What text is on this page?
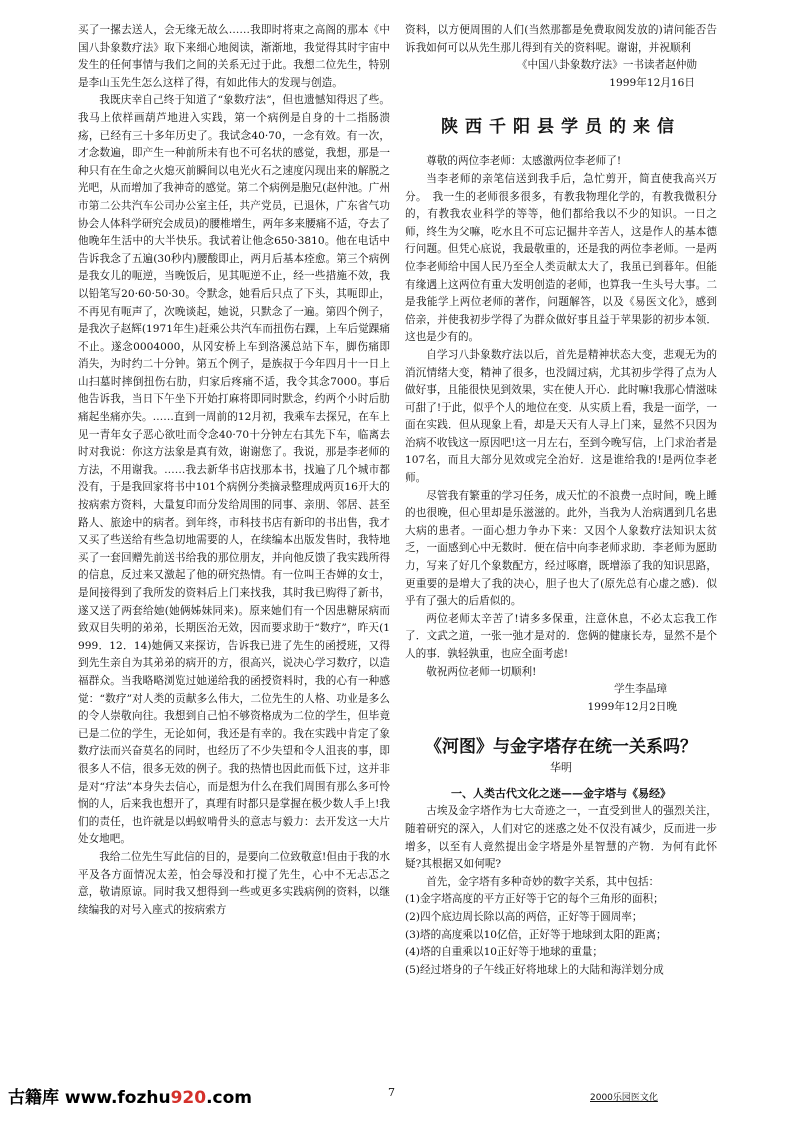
买了一摞去送人，会无缘无故么……我即时将束之高阁的那本《中国八卦象数疗法》取下来细心地阅读，渐渐地，我觉得其时宇宙中发生的任何事情与我们之间的关系无过于此。我想二位先生，特别是李山玉先生怎么这样了得，有如此伟大的发现与创造。

我既庆幸自己终于知道了“象数疗法”，但也遗憾知得迟了些。我马上依样画葫芦地进入实践，第一个病例是自身的十二指肠溃疡，已经有三十多年历史了。我试念40·70，一念有效。有一次，才念数遍，即产生一种前所未有也不可名状的感觉，我想，那是一种只有在生命之火熄灭前瞬间以电光火石之速度闪现出来的解脱之光吧，从而增加了我神奇的感觉。第二个病例是胞兄(赵仲池。广州市第二公共汽车公司办公室主任，共产党员，已退休，广东省气功协会人体科学研究会成员)的腰椎增生，两年多来腰痛不适，夺去了他晚年生活中的大半快乐。我试着让他念650·3810。他在电话中告诉我念了五遍(30秒内)腰酸即止，两月后基本痊愈。第三个病例是我女儿的呃逆，当晚饭后，见其呃逆不止，经一些措施不效，我以铅笔写20·60·50·30。令默念，她看后只点了下头，其呃即止，不再见有呃声了，次晚谈起，她说，只默念了一遍。第四个例子，是我次子赵辉(1971年生)赶乘公共汽车而扭伤右踝，上车后觉踝痛不止。遂念0004000，从冈安桥上车到洛溪总站下车，脚伤痛即消失，为时约二十分钟。第五个例子，是族叔于今年四月十一日上山扫墓时摔倒扭伤右肋，归家后疼痛不适，我令其念7000。事后他告诉我，当日下午坐下开始打麻将即同时默念，约两个小时后肋痛起坐痛亦失。……直到一周前的12月初，我乘车去探兄，在车上见一青年女子恶心欲吐而令念40·70十分钟左右其先下车，临离去时对我说：你这方法象是真有效，谢谢您了。我说，那是李老师的方法，不用谢我。……我去新华书店找那本书，找遍了几个城市都没有，于是我回家将书中101个病例分类摘录整理成两页16开大的按病索方资料，大量复印而分发给周围的同事、亲朋、邻居、甚至路人、旅途中的病者。到年终，市科技书店有新印的书出售，我才又买了些送给有些急切地需要的人，在续编本出版发售时，我特地买了一套回赠先前送书给我的那位朋友，并向他反馈了我实践所得的信息，反过来又激起了他的研究热情。有一位叫王杏婵的女士，是间接得到了我所发的资料后上门来找我，其时我已购得了新书，遂又送了两套给她(她俩姊妹同来)。原来她们有一个因患糖尿病而致双目失明的弟弟，长期医治无效，因而要求助于“数疗”，昨天(1999．12．14)她俩又来探访，告诉我已进了先生的函授班，又得到先生亲自为其弟弟的病开的方，很高兴，说决心学习数疗，以造福群众。当我略略浏览过她递给我的函授资料时，我的心有一种感觉：“数疗”对人类的贡献多么伟大，二位先生的人格、功业是多么的令人崇敬向往。我想到自己怕不够资格成为二位的学生，但毕竟已是二位的学生，无论如何，我还是有幸的。我在实践中肯定了象数疗法而兴奋莫名的同时，也经历了不少失望和令人沮丧的事，即很多人不信，很多无效的例子。我的热情也因此而低下过，这并非是对“疗法”本身失去信心，而是想为什么在我们周围有那么多可怜悯的人，后来我也想开了，真理有时都只是掌握在极少数人手上!我们的责任，也许就是以蚂蚁啃骨头的意志与毅力：去开发这一大片处女地吧。

我给二位先生写此信的目的，是要向二位致敬意!但由于我的水平及各方面情况太差，怕会辱没和打搅了先生，心中不无忐忑之意，敬请原谅。同时我又想得到一些或更多实践病例的资料，以继续编我的对号入座式的按病索方

资料，以方便周围的人们(当然那都是免费取阅发放的)请问能否告诉我如何可以从先生那儿得到有关的资料呢。谢谢，并祝顺利

《中国八卦象数疗法》一书读者赵仲勋

1999年12月16日

陕西千阳县学员的来信

尊敬的两位李老师：太感激两位李老师了!

当李老师的亲笔信送到我手后，急忙剪开，简直使我高兴万分。　我一生的老师很多很多，有教我物理化学的，有教我微积分的，有教我农业科学的等等，他们都给我以不少的知识。一日之师，终生为父嘛，吃水且不可忘记掘井辛苦人，这是作人的基本德行问题。但凭心底说，我最敬重的，还是我的两位李老师。一是两位李老师给中国人民乃至全人类贡献太大了，我虽已到暮年。但能有缘遇上这两位有重大发明创造的老师，也算我一生头号大事。二是我能学上两位老师的著作，问题解答，以及《易医文化》，感到倍亲，并使我初步学得了为群众做好事且益于苹果影的初步本领．这也是少有的。

自学习八卦象数疗法以后，首先是精神状态大变，悲观无为的消沉情绪大变，精神了很多，也没阔过病，尤其初步学得了点为人做好事，且能很快见到效果，实在使人开心．此时嘛!我那心情滋味可甜了!于此，似乎个人的地位在变．从实质上看，我是一面学，一面在实践．但从现象上看，却是天天有人寻上门来，显然不只因为治病不收钱这一原因吧!这一月左右，至到今晚写信，上门求治者是107名，而且大部分见效或完全治好．这是谁给我的!是两位李老师。

尽管我有繁重的学习任务，成天忙的不浪费一点时间，晚上睡的也很晚，但心里却是乐滋滋的。此外，当我为人治病遇到几名患大病的患者。一面心想力争办下来：又因个人象数疗法知识太贫乏，一面感到心中无数时．便在信中向李老师求助．李老师为愿助力，写来了好几个象数配方，经过啄磨，既增添了我的知识思路，更重要的是增大了我的决心，胆子也大了(原先总有心虚之感)．似乎有了强大的后盾似的。

两位老师太辛苦了!请多多保重，注意休息，不必太忘我工作了．文武之道，一张一弛才是对的．您俩的健康长寿，显然不是个人的事．孰轻孰重，也应全面考虑!

敬祝两位老师一切顺利!

学生李晶璋

1999年12月2日晚

《河图》与金字塔存在统一关系吗？
华明
一、人类古代文化之迷——金字塔与《易经》

古埃及金字塔作为七大奇迹之一，一直受到世人的强烈关注，随着研究的深入，人们对它的迷惑之处不仅没有减少，反而进一步增多，以至有人竟然提出金字塔是外星智慧的产物．为何有此怀疑?其根据又如何呢?

首先，金字塔有多种奇妙的数字关系，其中包括：

(1)金字塔高度的平方正好等于它的每个三角形的面积；

(2)四个底边周长除以高的两倍，正好等于圆周率；

(3)塔的高度乘以10亿倍，正好等于地球到太阳的距离；

(4)塔的自重乘以10正好等于地球的重量；

(5)经过塔身的子午线正好将地球上的大陆和海洋划分成

古籍库 www.fozhu920.com	7	2000乐园医文化
